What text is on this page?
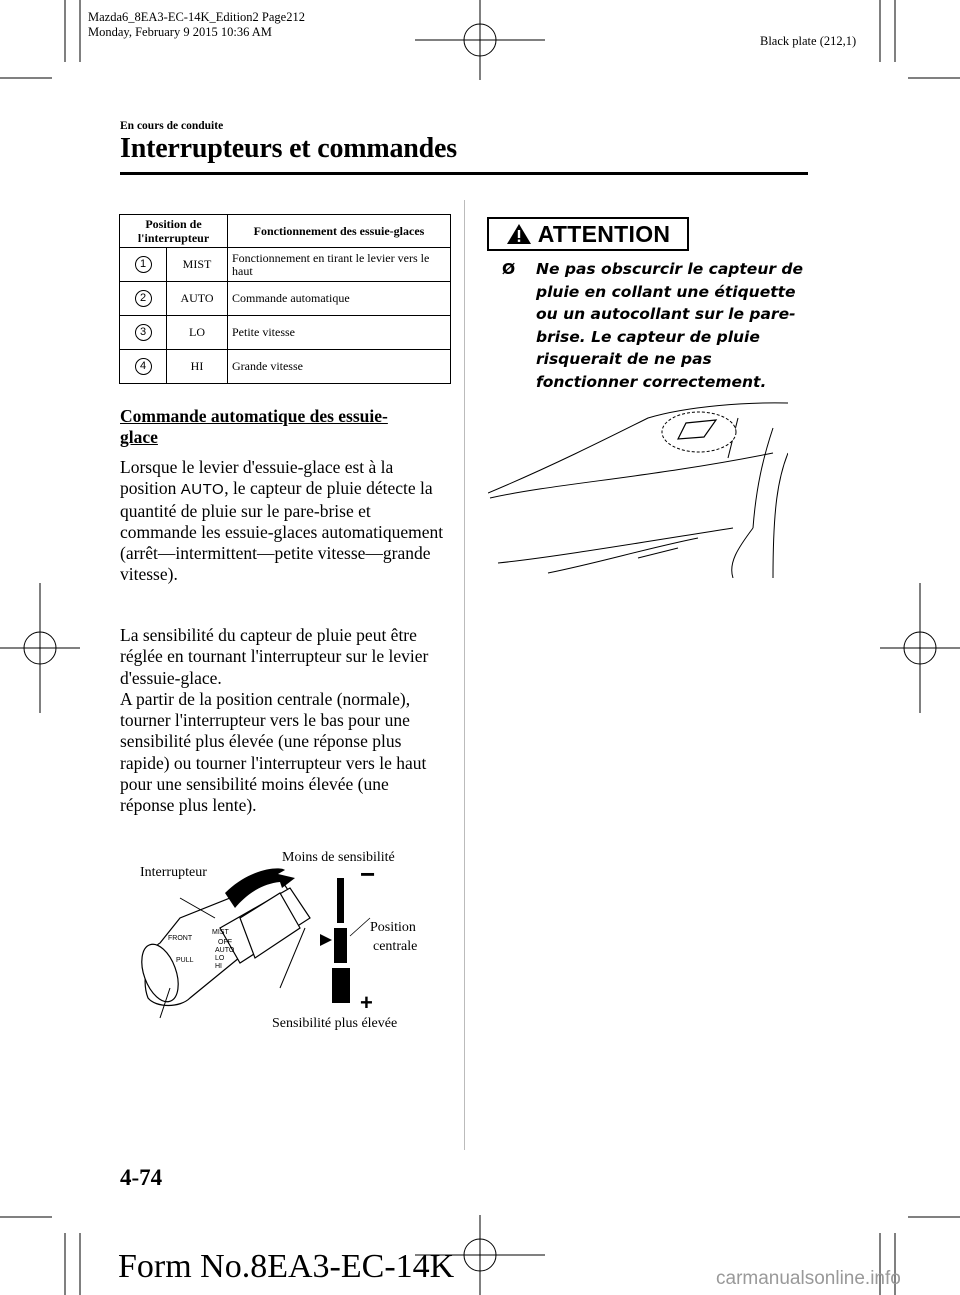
Mazda6_8EA3-EC-14K_Edition2 Page212
Monday, February 9 2015 10:36 AM
Black plate (212,1)
En cours de conduite
Interrupteurs et commandes
Position de l'interrupteur		Fonctionnement des essuie-glaces
1	MIST	Fonctionnement en tirant le levier vers le haut
2	AUTO	Commande automatique
3	LO	Petite vitesse
4	HI	Grande vitesse
Commande automatique des essuie-glace
Lorsque le levier d'essuie-glace est à la position AUTO, le capteur de pluie détecte la quantité de pluie sur le pare-brise et commande les essuie-glaces automatiquement (arrêt―intermittent―petite vitesse―grande vitesse).
La sensibilité du capteur de pluie peut être réglée en tournant l'interrupteur sur le levier d'essuie-glace.
A partir de la position centrale (normale), tourner l'interrupteur vers le bas pour une sensibilité plus élevée (une réponse plus rapide) ou tourner l'interrupteur vers le haut pour une sensibilité moins élevée (une réponse plus lente).
FRONT
MIST
OFF
AUTO
LO
HI
PULL
−
+
Interrupteur
Moins de sensibilité
Position
centrale
Sensibilité plus élevée
ATTENTION
Ø Ne pas obscurcir le capteur de pluie en collant une étiquette ou un autocollant sur le pare-brise. Le capteur de pluie risquerait de ne pas fonctionner correctement.
4-74
Form No.8EA3-EC-14K	carmanualsonline.info
